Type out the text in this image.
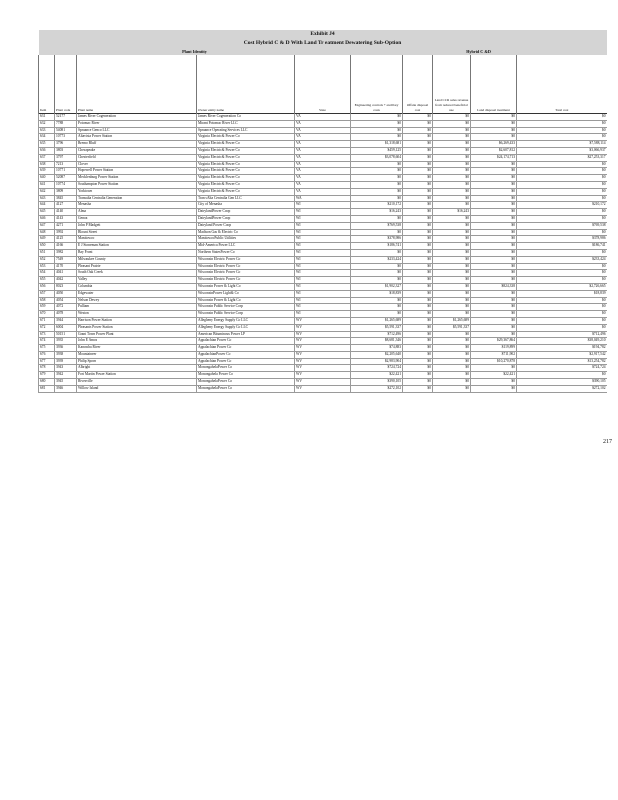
Exhibit J4									
Cost Hybrid C & D With Land Tr eatment Dewatering Sub-Option									
Plant Identity					Hybrid C &D				
Item	Plant code	Plant name	Owner entity name	State	Engineering controls + ancillary costs	Offsite disposal cost	Land CCR sales revenue from reduced beneficial use	Land disposal treatment	Total cost
631	52177	James River Cogeneration	James River Cogeneration Co	VA	$0	$0	$0	$0	$0
632	7788	Potomac River	Mirant Potomac River LLC	VA	$0	$0	$0	$0	$0
633	54081	Spruance Genco LLC	Spruance Operating Services LLC	VA	$0	$0	$0	$0	$0
634	10773	Altavista Power Station	Virginia Electric& Power Co	VA	$0	$0	$0	$0	$0
635	3796	Bremo Bluff	Virginia Electric& Power Co	VA	$1,318,681	$0	$0	$6,269,433	$7,588,114
636	3803	Chesapeake	Virginia Electric& Power Co	VA	$459,125	$0	$0	$2,607,812	$3,066,937
637	3797	Chesterfield	Virginia Electric& Power Co	VA	$3,078,604	$0	$0	$24,174,713	$27,253,317
638	7213	Clover	Virginia Electric& Power Co	VA	$0	$0	$0	$0	$0
639	10771	Hopewell Power Station	Virginia Electric& Power Co	VA	$0	$0	$0	$0	$0
640	52087	Mecklenburg Power Station	Virginia Electric& Power Co	VA	$0	$0	$0	$0	$0
641	10774	Southampton Power Station	Virginia Electric& Power Co	VA	$0	$0	$0	$0	$0
642	3809	Yorktown	Virginia Electric& Power Co	VA	$0	$0	$0	$0	$0
643	3845	Transalta Centralia Generation	Tran sAlta Centralia Gen LLC	WA	$0	$0	$0	$0	$0
644	4127	Menasha	City of Menasha	WI	$210,172	$0	$0	$0	$210,172
645	4140	Alma	DairylandPower Coop	WI	$16,243	$0	$16,243	$0	$0
646	4143	Genoa	DairylandPower Coop	WI	$0	$0	$0	$0	$0
647	4271	John P Madgett	Dairyland Power Coop	WI	$769,538	$0	$0	$0	$769,538
648	3992	Blount Street	Madison Gas & Electric Co	WI	$0	$0	$0	$0	$0
649	4125	Manitowoc	ManitowocPublic Utilities	WI	$378,986	$0	$0	$0	$378,986
650	4166	E J Stoneman Station	Mid-America Power LLC	WI	$186,741	$0	$0	$0	$186,741
651	3982	Bay Front	Northern StatesPower Co	WI	$0	$0	$0	$0	$0
652	7549	Milwaukee County	Wisconsin Electric Power Co	WI	$233,424	$0	$0	$0	$233,424
653	4170	Pleasant Prairie	Wisconsin Electric Power Co	WI	$0	$0	$0	$0	$0
654	4041	South Oak Creek	Wisconsin Electric Power Co	WI	$0	$0	$0	$0	$0
655	4042	Valley	Wisconsin Electric Power Co	WI	$0	$0	$0	$0	$0
656	8023	Columbia	Wisconsin Power & Light Co	WI	$1,902,327	$0	$0	$824,338	$2,726,665
657	4050	Edgewater	WisconsinPower Light& Co	WI	$18,839	$0	$0	$0	$18,839
658	4054	Nelson Dewey	Wisconsin Power & Light Co	WI	$0	$0	$0	$0	$0
659	4072	Pulliam	Wisconsin Public Service Corp	WI	$0	$0	$0	$0	$0
670	4078	Weston	Wisconsin Public Service Corp	WI	$0	$0	$0	$0	$0
671	3944	Harrison Power Station	Allegheny Energy Supply Co LLC	WV	$1,265,689	$0	$1,265,689	$0	$0
672	6004	Pleasants Power Station	Allegheny Energy Supply Co LLC	WV	$5,591,337	$0	$5,591,337	$0	$0
673	50151	Grant Town Power Plant	American Bituminous Power LP	WV	$712,496	$0	$0	$0	$712,496
674	3935	John E Amos	Appalachian Power Co	WV	$8,681,346	$0	$0	$29,367,864	$38,049,210
675	3936	Kanawha River	Appalachian Power Co	WV	$74,883	$0	$0	$119,899	$194,782
676	3938	Mountaineer	AppalachianPower Co	WV	$2,205,640	$0	$0	$711,902	$2,917,542
677	3939	Philip Sporn	Appalachian Power Co	WV	$2,983,904	$0	$0	$10,270,878	$13,254,782
678	3943	Albright	MonongahelaPower Co	WV	$724,724	$0	$0	$0	$724,724
679	3942	Fort Martin Power Station	Monongahela Power Co	WV	$22,421	$0	$0	$22,421	$0
680	3945	Rivesville	MonongahelaPower Co	WV	$390,105	$0	$0	$0	$390,105
681	3946	Willow Island	MonongahelaPower Co	WV	$272,102	$0	$0	$0	$272,102
217
